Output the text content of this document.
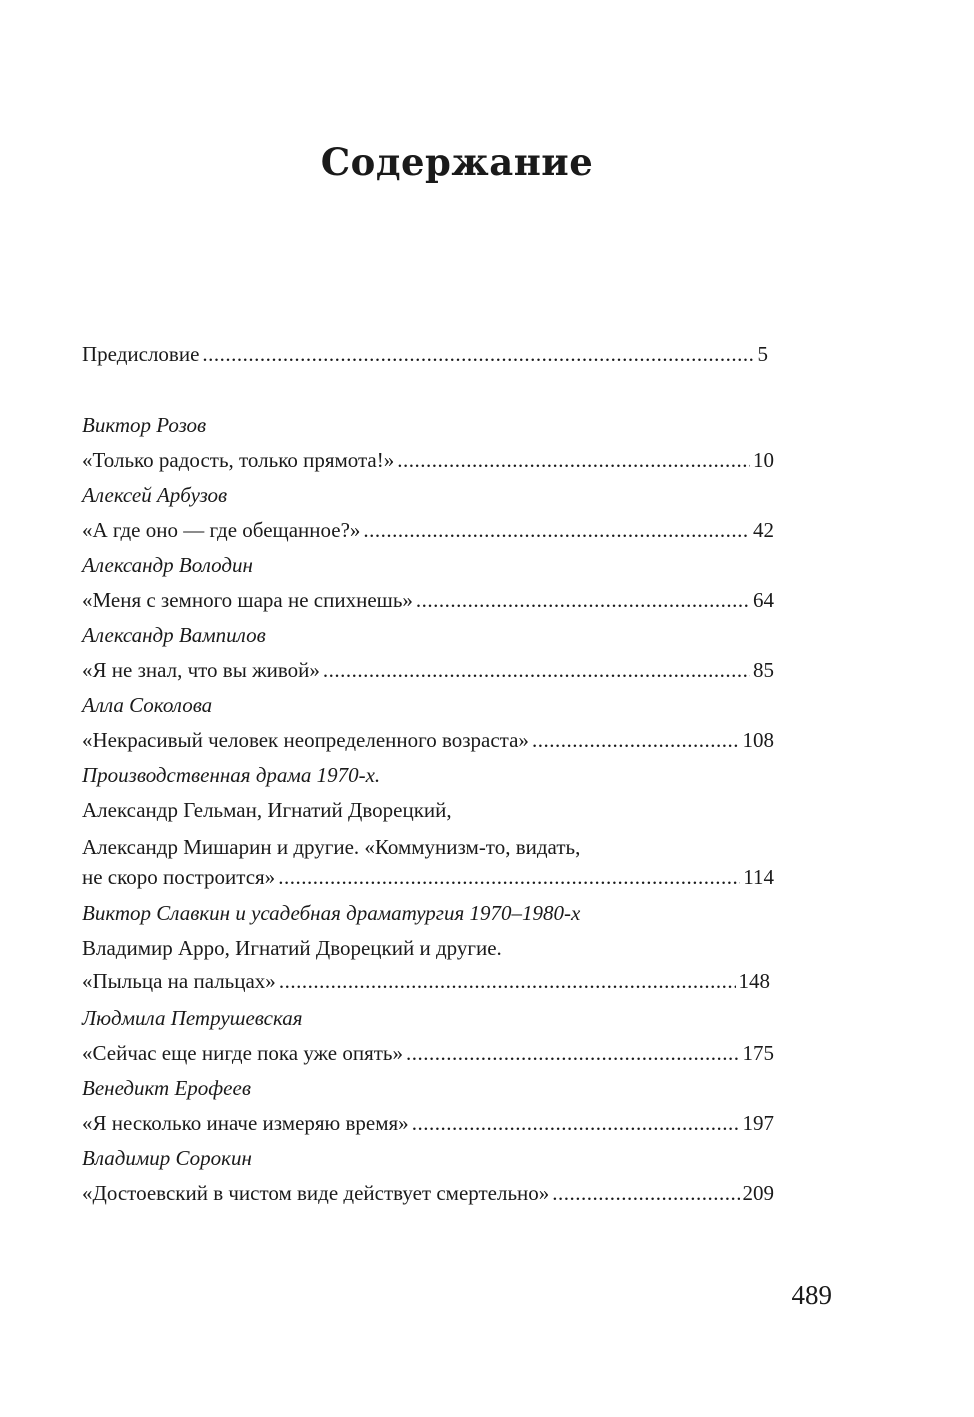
Содержание
Предисловие .....	5
Виктор Розов
«Только радость, только прямота!» .....	10
Алексей Арбузов
«А где оно — где обещанное?» .....	42
Александр Володин
«Меня с земного шара не спихнешь» .....	64
Александр Вампилов
«Я не знал, что вы живой» .....	85
Алла Соколова
«Некрасивый человек неопределенного возраста» .....	108
Производственная драма 1970-х.
Александр Гельман, Игнатий Дворецкий,
Александр Мишарин и другие. «Коммунизм-то, видать,
не скоро построится» .....	114
Виктор Славкин и усадебная драматургия 1970–1980-х
Владимир Арро, Игнатий Дворецкий и другие.
«Пыльца на пальцах» .....	148
Людмила Петрушевская
«Сейчас еще нигде пока уже опять» .....	175
Венедикт Ерофеев
«Я несколько иначе измеряю время» .....	197
Владимир Сорокин
«Достоевский в чистом виде действует смертельно» .....	209
489
